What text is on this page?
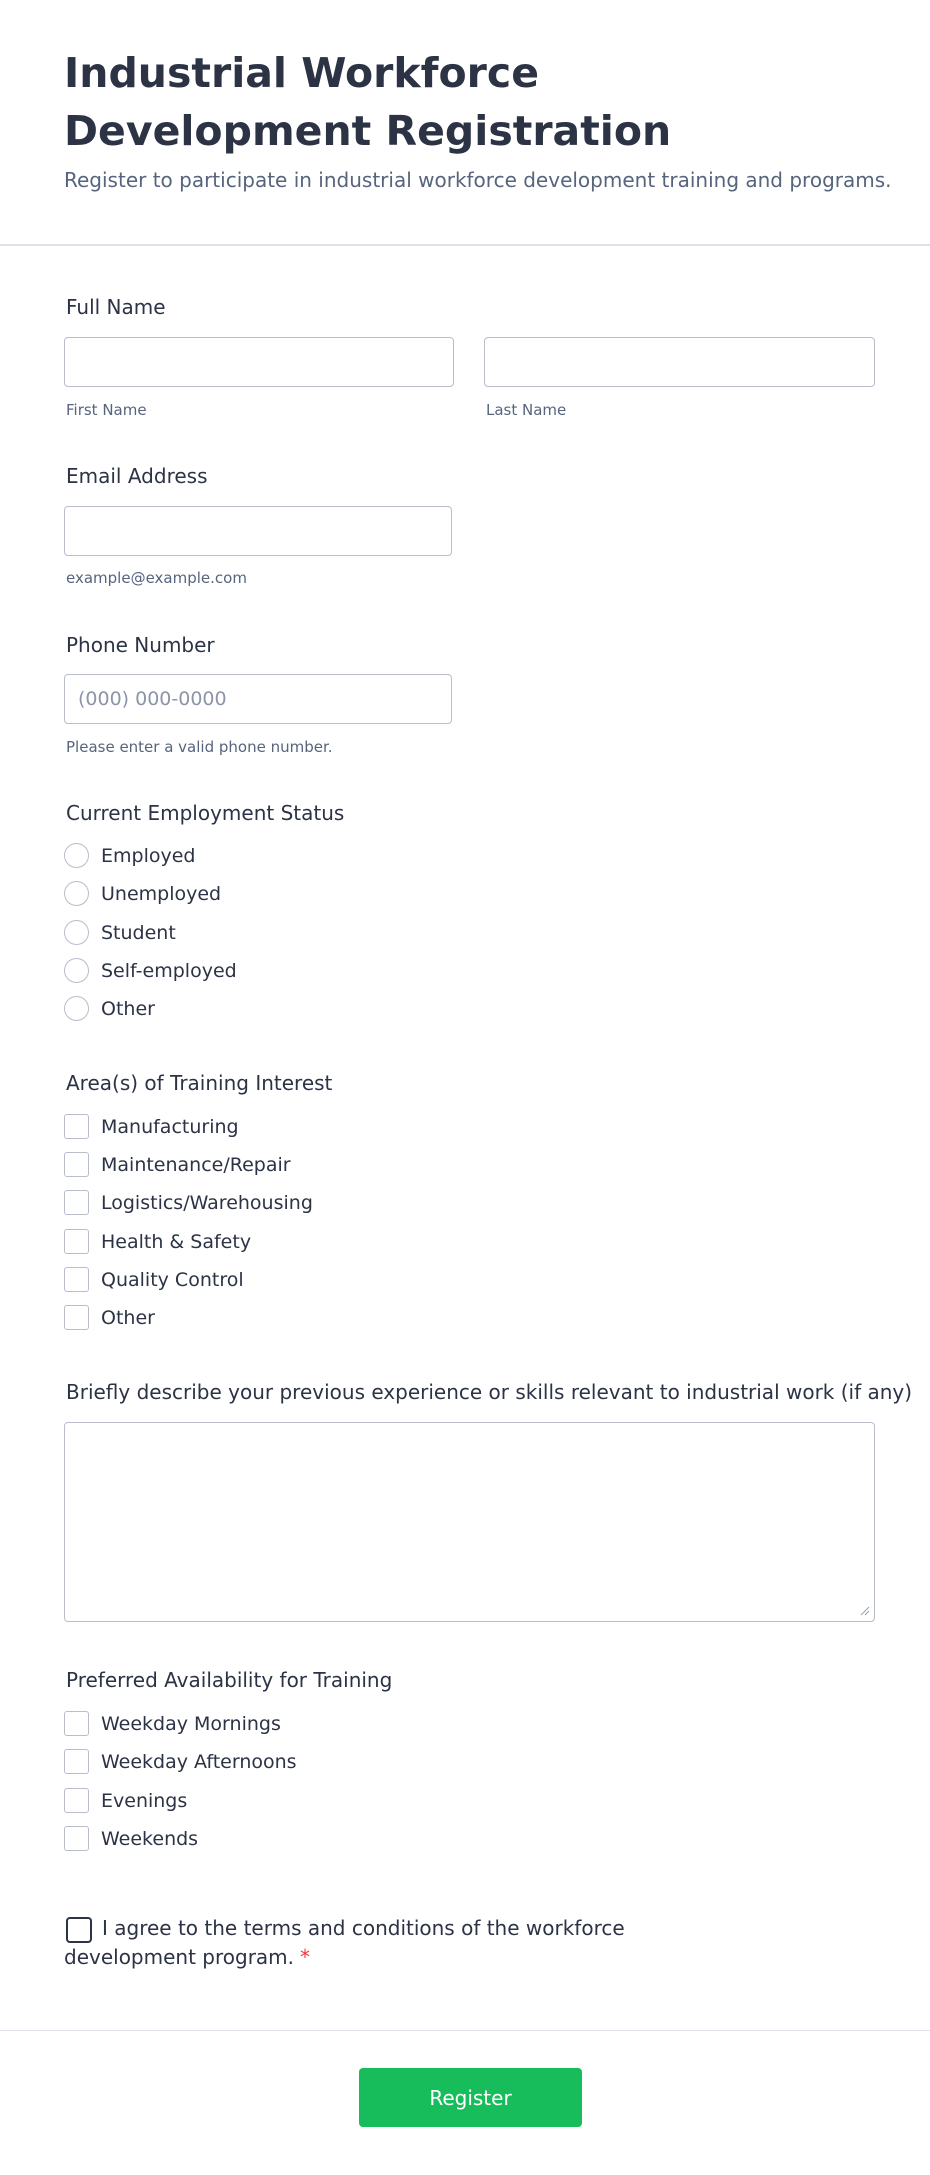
Industrial Workforce Development Registration

Register to participate in industrial workforce development training and programs.

Full Name
First Name	Last Name
Email Address
example@example.com
Phone Number
(000) 000-0000
Please enter a valid phone number.
Current Employment Status
Employed
Unemployed
Student
Self-employed
Other
Area(s) of Training Interest
Manufacturing
Maintenance/Repair
Logistics/Warehousing
Health & Safety
Quality Control
Other
Briefly describe your previous experience or skills relevant to industrial work (if any)
Preferred Availability for Training
Weekday Mornings
Weekday Afternoons
Evenings
Weekends
I agree to the terms and conditions of the workforce development program. *
Register
